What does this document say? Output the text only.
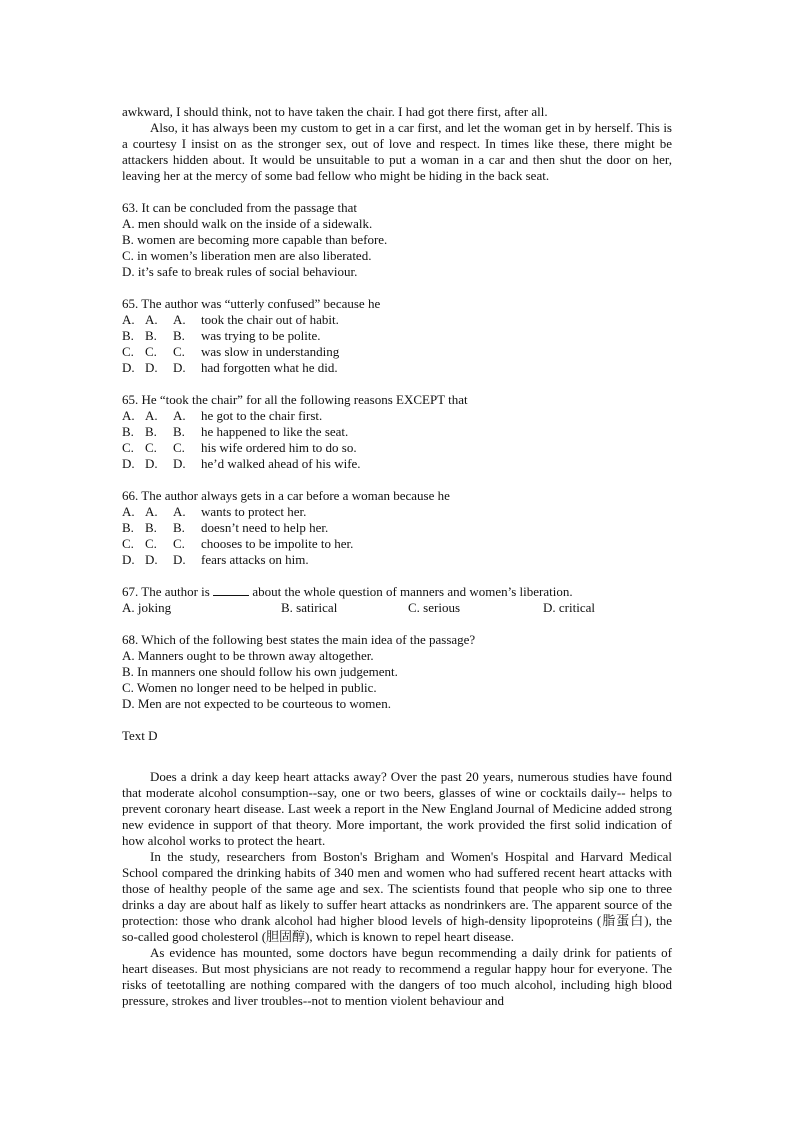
awkward, I should think, not to have taken the chair. I had got there first, after all.

Also, it has always been my custom to get in a car first, and let the woman get in by herself. This is a courtesy I insist on as the stronger sex, out of love and respect. In times like these, there might be attackers hidden about. It would be unsuitable to put a woman in a car and then shut the door on her, leaving her at the mercy of some bad fellow who might be hiding in the back seat.

63. It can be concluded from the passage that

A. men should walk on the inside of a sidewalk.

B. women are becoming more capable than before.

C. in women’s liberation men are also liberated.

D. it’s safe to break rules of social behaviour.

65. The author was “utterly confused” because he

A. A.	A.	took the chair out of habit.
B. B.	B.	was trying to be polite.
C. C.	C.	was slow in understanding
D. D.	D.	had forgotten what he did.

65. He “took the chair” for all the following reasons EXCEPT that

A. A.	A.	he got to the chair first.
B. B.	B.	he happened to like the seat.
C. C.	C.	his wife ordered him to do so.
D. D.	D.	he’d walked ahead of his wife.

66. The author always gets in a car before a woman because he

A. A.	A.	wants to protect her.
B. B.	B.	doesn’t need to help her.
C. C.	C.	chooses to be impolite to her.
D. D.	D.	fears attacks on him.

67. The author is	about the whole question of manners and women’s liberation.

A. joking	B. satirical	C. serious	D. critical

68. Which of the following best states the main idea of the passage?

A. Manners ought to be thrown away altogether.

B. In manners one should follow his own judgement.

C. Women no longer need to be helped in public.

D. Men are not expected to be courteous to women.

Text D

Does a drink a day keep heart attacks away? Over the past 20 years, numerous studies have found that moderate alcohol consumption--say, one or two beers, glasses of wine or cocktails daily-- helps to prevent coronary heart disease. Last week a report in the New England Journal of Medicine added strong new evidence in support of that theory. More important, the work provided the first solid indication of how alcohol works to protect the heart.

In the study, researchers from Boston's Brigham and Women's Hospital and Harvard Medical School compared the drinking habits of 340 men and women who had suffered recent heart attacks with those of healthy people of the same age and sex. The scientists found that people who sip one to three drinks a day are about half as likely to suffer heart attacks as nondrinkers are. The apparent source of the protection: those who drank alcohol had higher blood levels of high-density lipoproteins (脂蛋白), the so-called good cholesterol (胆固醇), which is known to repel heart disease.

As evidence has mounted, some doctors have begun recommending a daily drink for patients of heart diseases. But most physicians are not ready to recommend a regular happy hour for everyone. The risks of teetotalling are nothing compared with the dangers of too much alcohol, including high blood pressure, strokes and liver troubles--not to mention violent behaviour and
